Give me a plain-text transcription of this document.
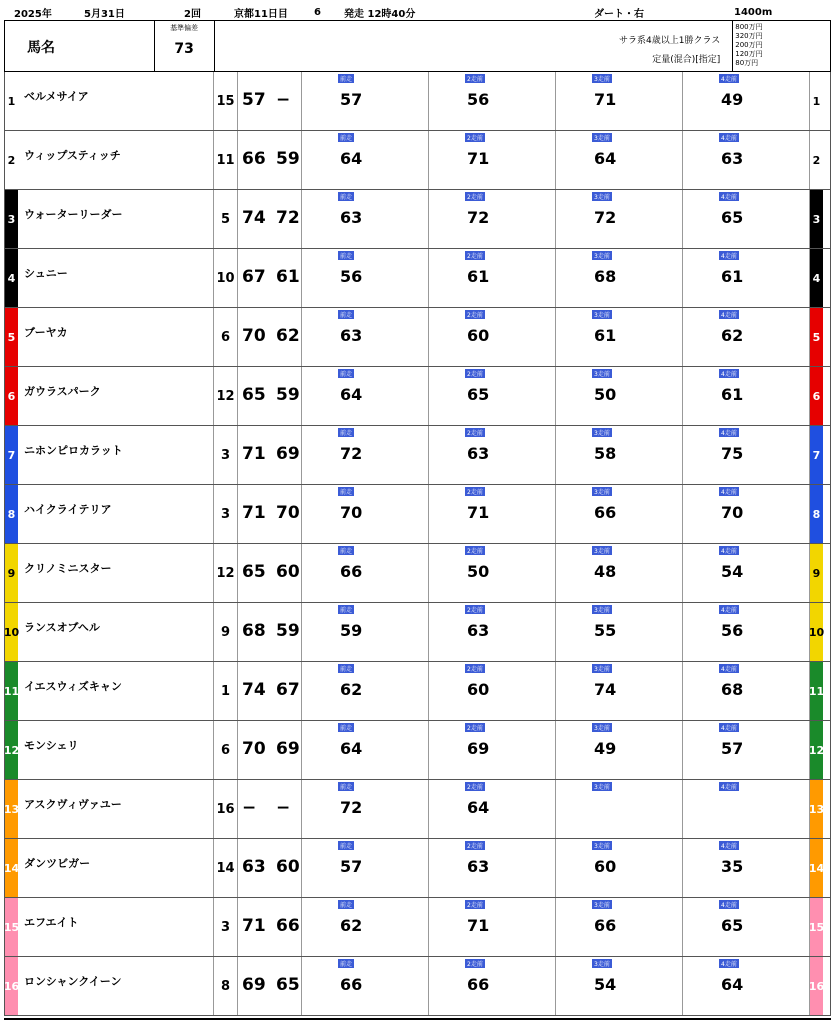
2025年	5月31日	2回	京都11日目	6	発走 12時40分	ダート・右	1400m
馬名
基準偏差
73	サラ系4歳以上1勝クラス
定量(混合)[指定]
800万円
320万円
200万円
120万円
80万円
1 ベルメサイア	15 57 −
前走
57
2走前
56
3走前
71
4走前
49	1
2 ウィップスティッチ	11 66 59
前走
64
2走前
71
3走前
64
4走前
63	2
3 ウォーターリーダー	5 74 72
前走
63
2走前
72
3走前
72
4走前
65	3
4 シュニー	10 67 61
前走
56
2走前
61
3走前
68
4走前
61	4
5 ブーヤカ	6 70 62
前走
63
2走前
60
3走前
61
4走前
62	5
6 ガウラスパーク	12 65 59
前走
64
2走前
65
3走前
50
4走前
61	6
7 ニホンピロカラット	3 71 69
前走
72
2走前
63
3走前
58
4走前
75	7
8 ハイクライテリア	3 71 70
前走
70
2走前
71
3走前
66
4走前
70	8
9 クリノミニスター	12 65 60
前走
66
2走前
50
3走前
48
4走前
54	9
10 ランスオブヘル	9 68 59
前走
59
2走前
63
3走前
55
4走前
56	10
11 イエスウィズキャン	1 74 67
前走
62
2走前
60
3走前
74
4走前
68	11
12 モンシェリ	6 70 69
前走
64
2走前
69
3走前
49
4走前
57	12
13 アスクヴィヴァユー	16 − −
前走
72
2走前
64
3走前	4走前
13
14 ダンツビガー	14 63 60
前走
57
2走前
63
3走前
60
4走前
35	14
15 エフエイト	3 71 66
前走
62
2走前
71
3走前
66
4走前
65	15
16 ロンシャンクイーン	8 69 65
前走
66
2走前
66
3走前
54
4走前
64	16
